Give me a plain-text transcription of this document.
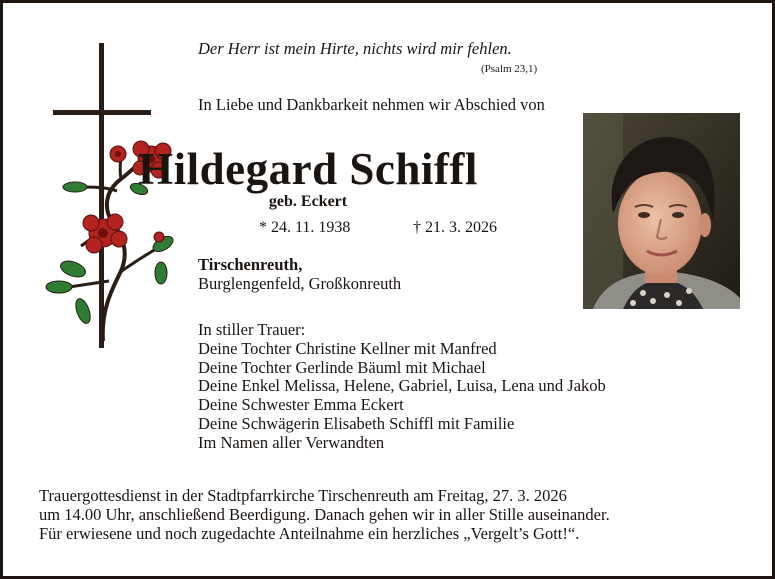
Der Herr ist mein Hirte, nichts wird mir fehlen.
(Psalm 23,1)
In Liebe und Dankbarkeit nehmen wir Abschied von
Hildegard Schiffl
geb. Eckert
* 24. 11. 1938	† 21. 3. 2026
Tirschenreuth,
Burglengenfeld, Großkonreuth
In stiller Trauer:
Deine Tochter Christine Kellner mit Manfred
Deine Tochter Gerlinde Bäuml mit Michael
Deine Enkel Melissa, Helene, Gabriel, Luisa, Lena und Jakob
Deine Schwester Emma Eckert
Deine Schwägerin Elisabeth Schiffl mit Familie
Im Namen aller Verwandten
Trauergottesdienst in der Stadtpfarrkirche Tirschenreuth am Freitag, 27. 3. 2026
um 14.00 Uhr, anschließend Beerdigung. Danach gehen wir in aller Stille auseinander.
Für erwiesene und noch zugedachte Anteilnahme ein herzliches „Vergelt’s Gott!“.
